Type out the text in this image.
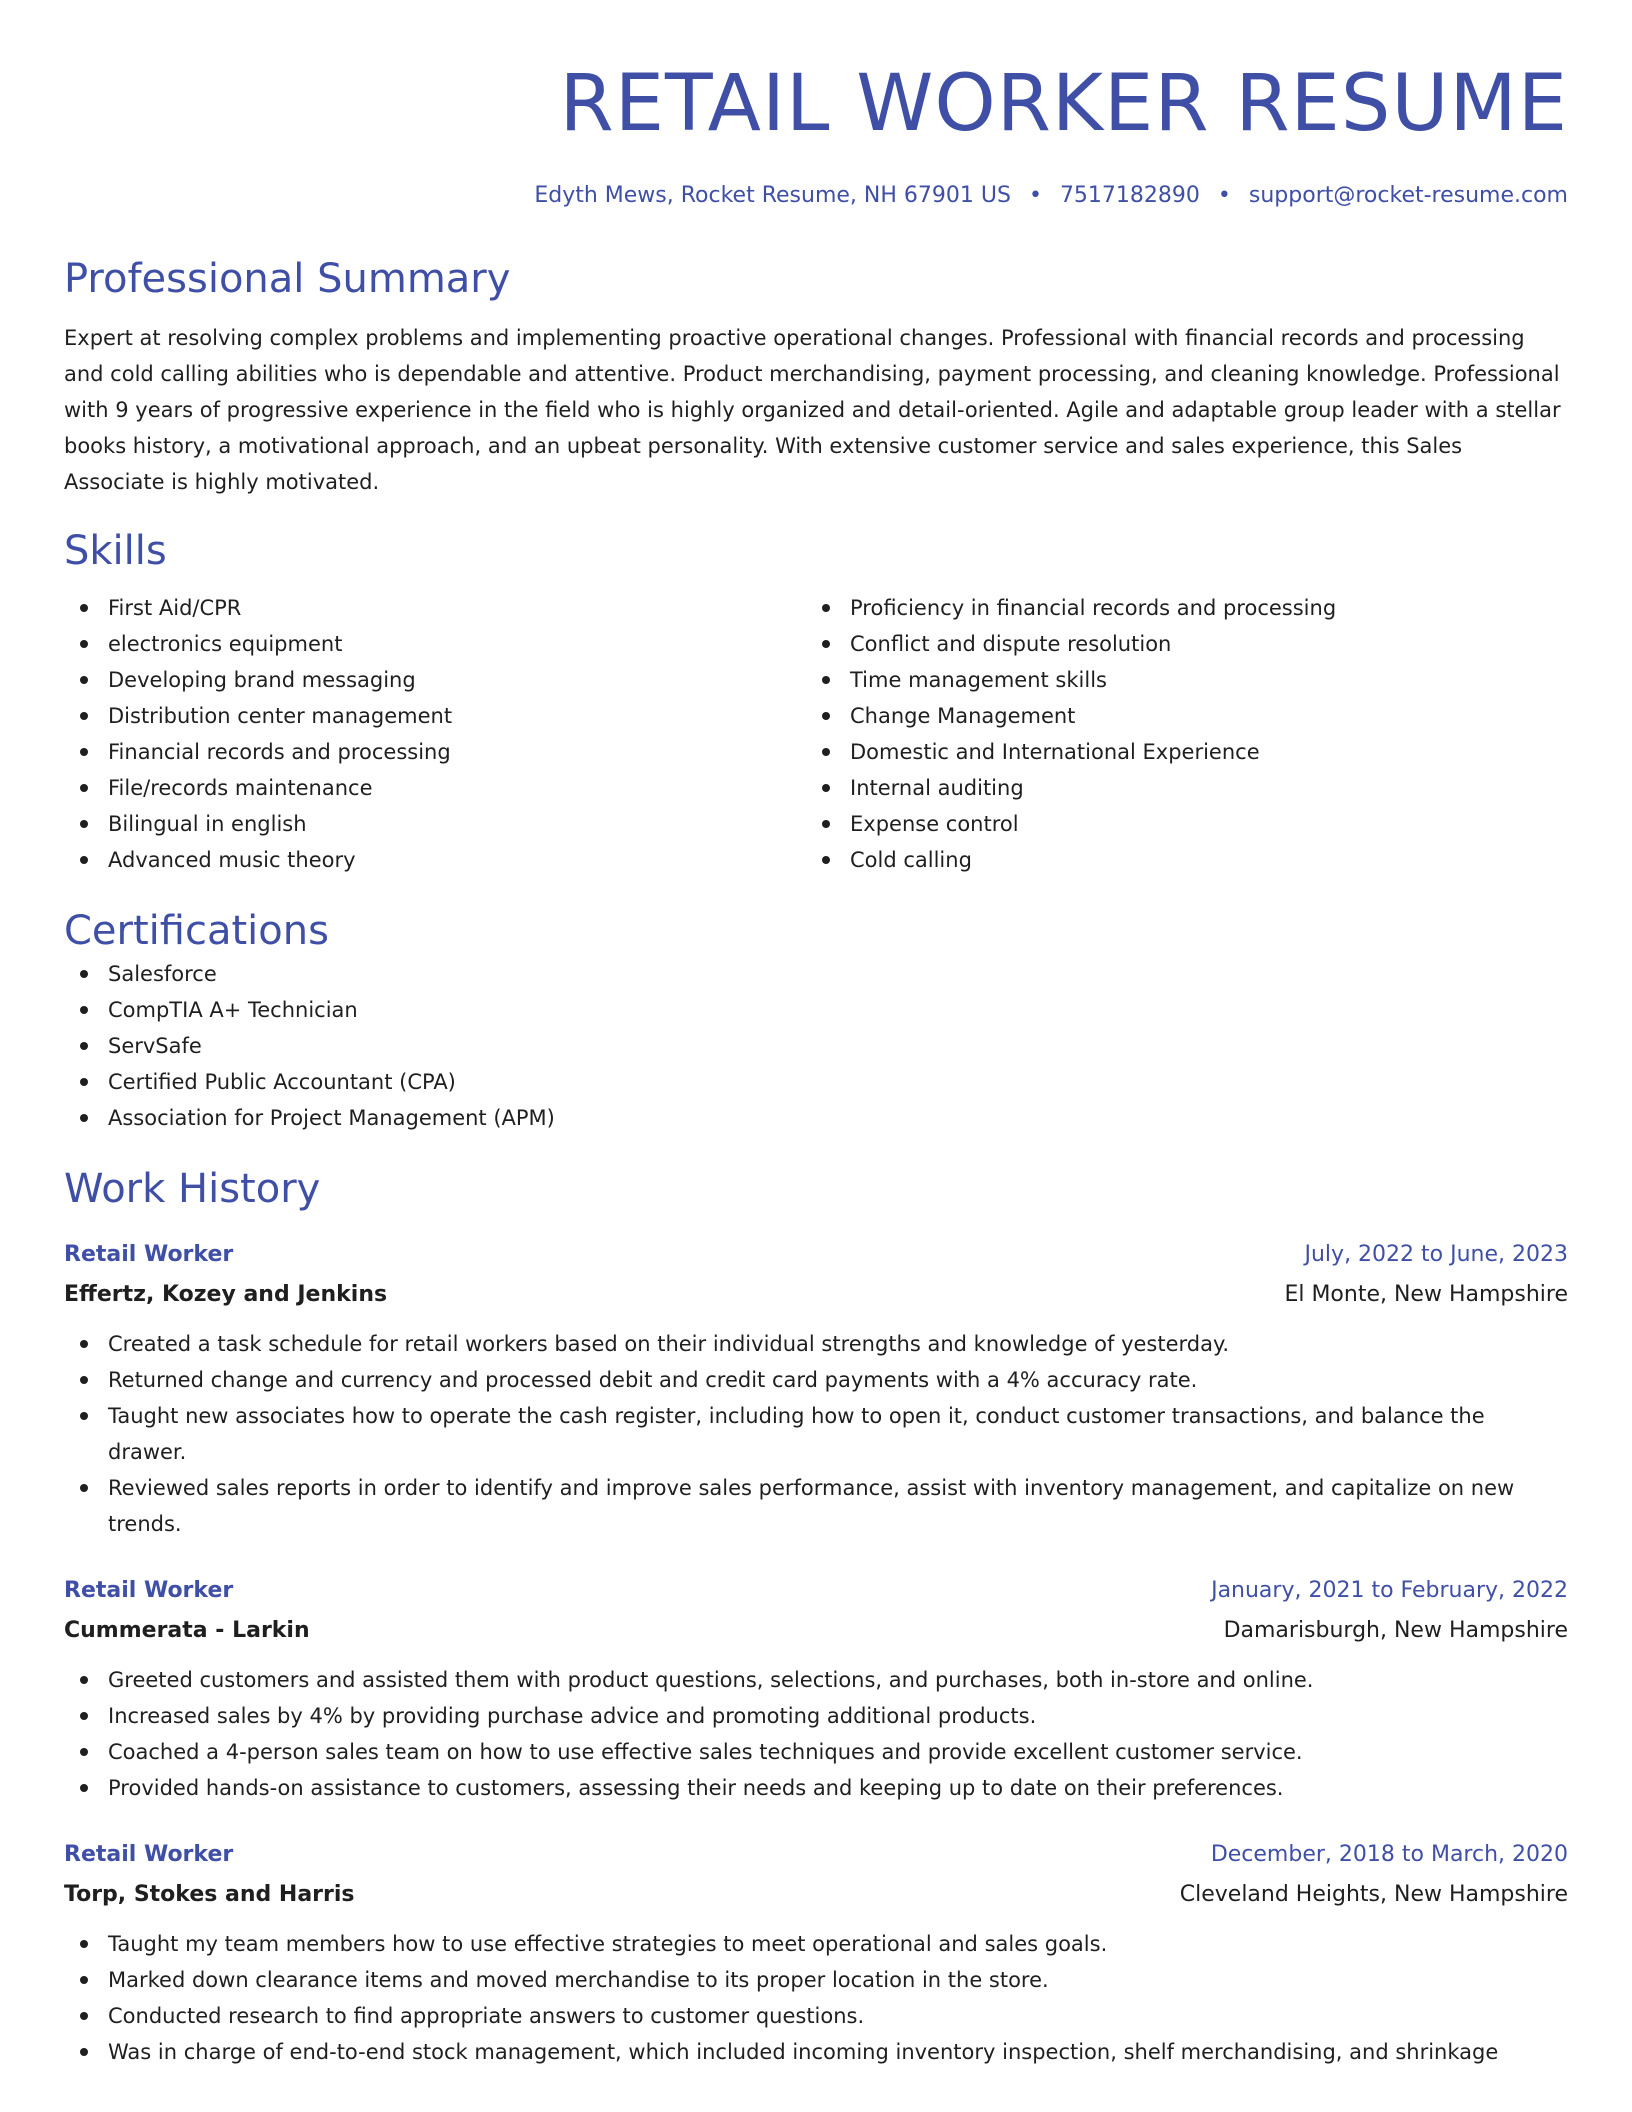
RETAIL WORKER RESUME
Edyth Mews, Rocket Resume, NH 67901 US • 7517182890 • support@rocket-resume.com
Professional Summary

Expert at resolving complex problems and implementing proactive operational changes. Professional with financial records and processing and cold calling abilities who is dependable and attentive. Product merchandising, payment processing, and cleaning knowledge. Professional with 9 years of progressive experience in the field who is highly organized and detail-oriented. Agile and adaptable group leader with a stellar books history, a motivational approach, and an upbeat personality. With extensive customer service and sales experience, this Sales Associate is highly motivated.

Skills
First Aid/CPR
electronics equipment
Developing brand messaging
Distribution center management
Financial records and processing
File/records maintenance
Bilingual in english
Advanced music theory
Proficiency in financial records and processing
Conflict and dispute resolution
Time management skills
Change Management
Domestic and International Experience
Internal auditing
Expense control
Cold calling
Certifications
Salesforce
CompTIA A+ Technician
ServSafe
Certified Public Accountant (CPA)
Association for Project Management (APM)
Work History
Retail Worker	July, 2022 to June, 2023
Effertz, Kozey and Jenkins	El Monte, New Hampshire
Created a task schedule for retail workers based on their individual strengths and knowledge of yesterday.
Returned change and currency and processed debit and credit card payments with a 4% accuracy rate.
Taught new associates how to operate the cash register, including how to open it, conduct customer transactions, and balance the drawer.
Reviewed sales reports in order to identify and improve sales performance, assist with inventory management, and capitalize on new trends.
Retail Worker	January, 2021 to February, 2022
Cummerata - Larkin	Damarisburgh, New Hampshire
Greeted customers and assisted them with product questions, selections, and purchases, both in-store and online.
Increased sales by 4% by providing purchase advice and promoting additional products.
Coached a 4-person sales team on how to use effective sales techniques and provide excellent customer service.
Provided hands-on assistance to customers, assessing their needs and keeping up to date on their preferences.
Retail Worker	December, 2018 to March, 2020
Torp, Stokes and Harris	Cleveland Heights, New Hampshire
Taught my team members how to use effective strategies to meet operational and sales goals.
Marked down clearance items and moved merchandise to its proper location in the store.
Conducted research to find appropriate answers to customer questions.
Was in charge of end-to-end stock management, which included incoming inventory inspection, shelf merchandising, and shrinkage
